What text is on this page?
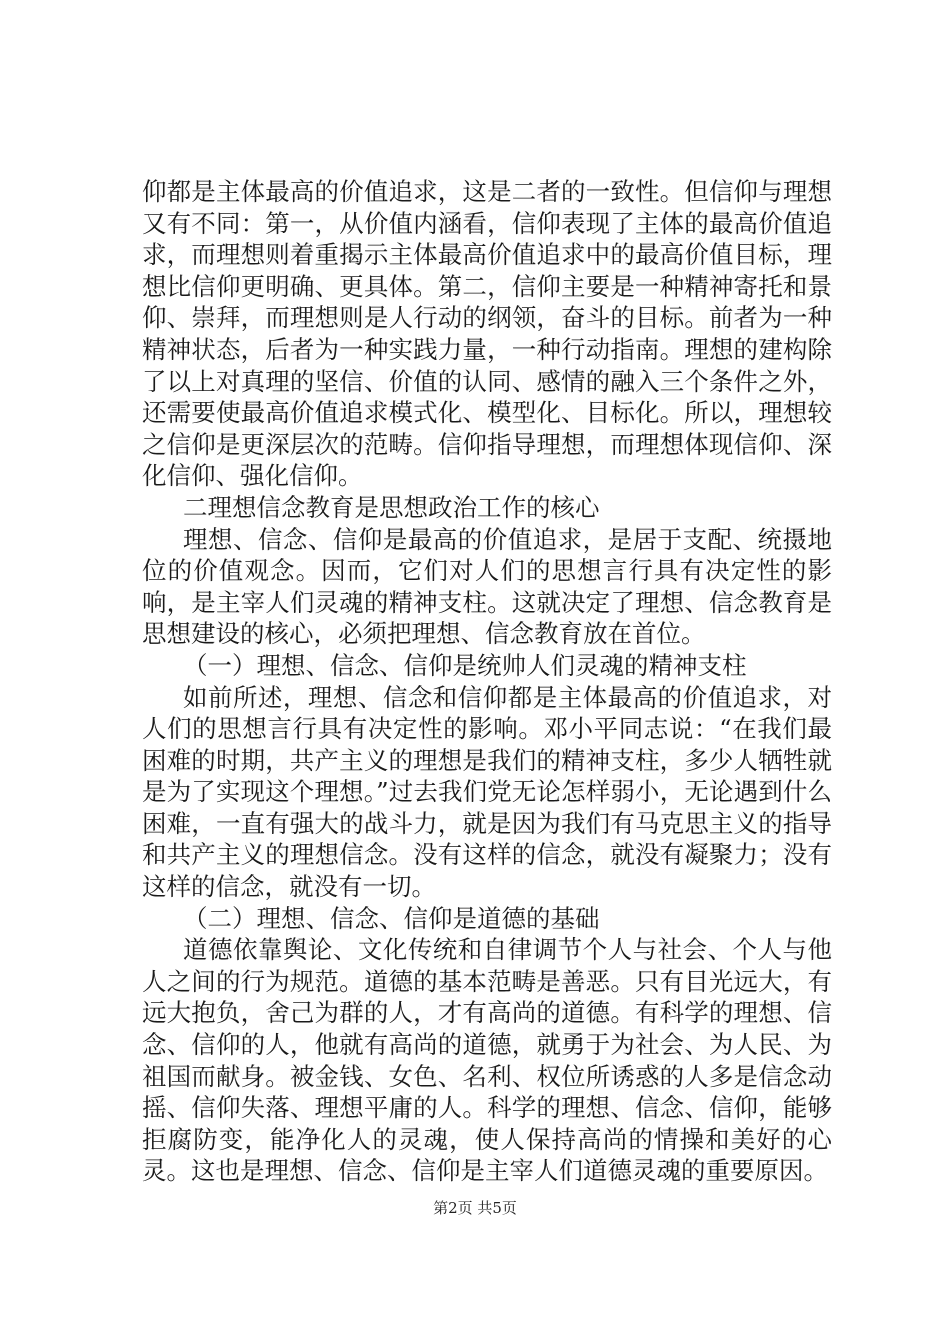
仰都是主体最高的价值追求，这是二者的一致性。但信仰与理想又有不同：第一，从价值内涵看，信仰表现了主体的最高价值追求，而理想则着重揭示主体最高价值追求中的最高价值目标，理想比信仰更明确、更具体。第二，信仰主要是一种精神寄托和景仰、崇拜，而理想则是人行动的纲领，奋斗的目标。前者为一种精神状态，后者为一种实践力量，一种行动指南。理想的建构除了以上对真理的坚信、价值的认同、感情的融入三个条件之外，还需要使最高价值追求模式化、模型化、目标化。所以，理想较之信仰是更深层次的范畴。信仰指导理想，而理想体现信仰、深化信仰、强化信仰。

二理想信念教育是思想政治工作的核心

理想、信念、信仰是最高的价值追求，是居于支配、统摄地位的价值观念。因而，它们对人们的思想言行具有决定性的影响，是主宰人们灵魂的精神支柱。这就决定了理想、信念教育是思想建设的核心，必须把理想、信念教育放在首位。

（一）理想、信念、信仰是统帅人们灵魂的精神支柱

如前所述，理想、信念和信仰都是主体最高的价值追求，对人们的思想言行具有决定性的影响。邓小平同志说：“在我们最困难的时期，共产主义的理想是我们的精神支柱，多少人牺牲就是为了实现这个理想。”过去我们党无论怎样弱小，无论遇到什么困难，一直有强大的战斗力，就是因为我们有马克思主义的指导和共产主义的理想信念。没有这样的信念，就没有凝聚力；没有这样的信念，就没有一切。

（二）理想、信念、信仰是道德的基础

道德依靠舆论、文化传统和自律调节个人与社会、个人与他人之间的行为规范。道德的基本范畴是善恶。只有目光远大，有远大抱负，舍己为群的人，才有高尚的道德。有科学的理想、信念、信仰的人，他就有高尚的道德，就勇于为社会、为人民、为祖国而献身。被金钱、女色、名利、权位所诱惑的人多是信念动摇、信仰失落、理想平庸的人。科学的理想、信念、信仰，能够拒腐防变，能净化人的灵魂，使人保持高尚的情操和美好的心灵。这也是理想、信念、信仰是主宰人们道德灵魂的重要原因。

第2页 共5页
